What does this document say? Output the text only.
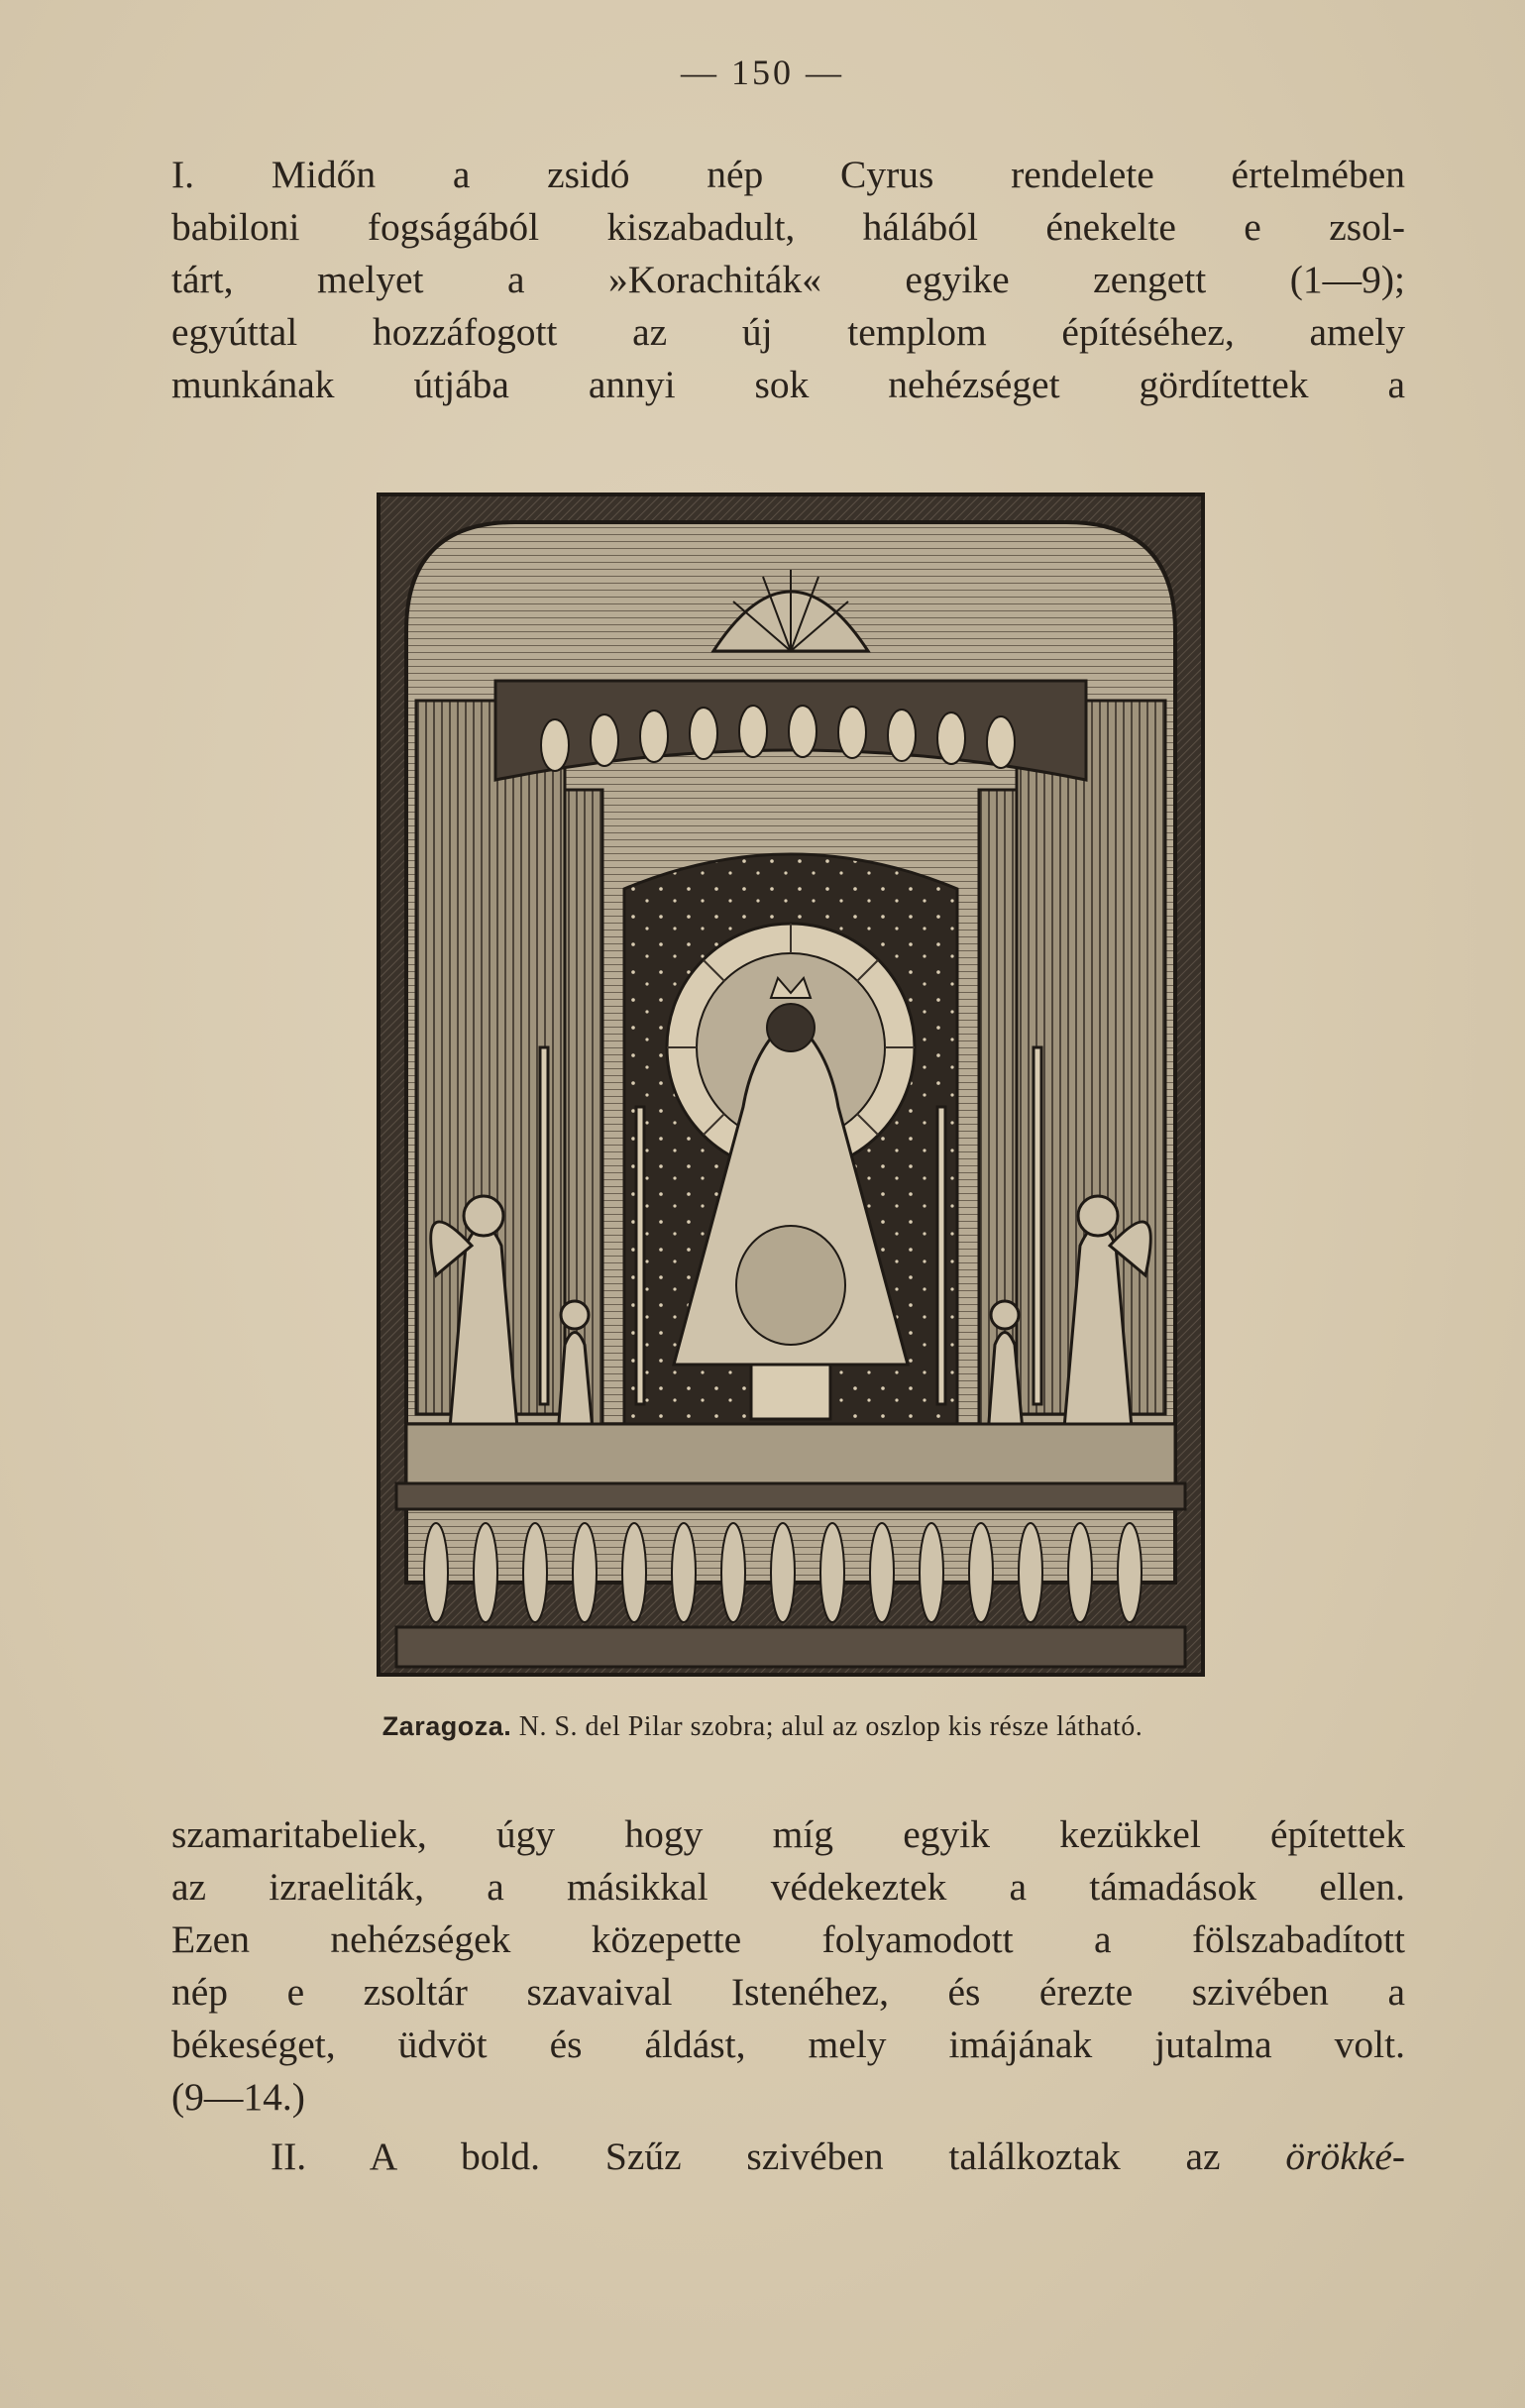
— 150 —
I. Midőn a zsidó nép Cyrus rendelete értelmében
babiloni fogságából kiszabadult, hálából énekelte e zsol-
tárt, melyet a »Korachiták« egyike zengett (1—9);
egyúttal hozzáfogott az új templom építéséhez, amely
munkának útjába annyi sok nehézséget gördítettek a
Zaragoza. N. S. del Pilar szobra; alul az oszlop kis része látható.
szamaritabeliek, úgy hogy míg egyik kezükkel építettek
az izraeliták, a másikkal védekeztek a támadások ellen.
Ezen nehézségek közepette folyamodott a fölszabadított
nép e zsoltár szavaival Istenéhez, és érezte szivében a
békeséget, üdvöt és áldást, mely imájának jutalma volt.
(9—14.)
II. A bold. Szűz szivében találkoztak az örökké-
